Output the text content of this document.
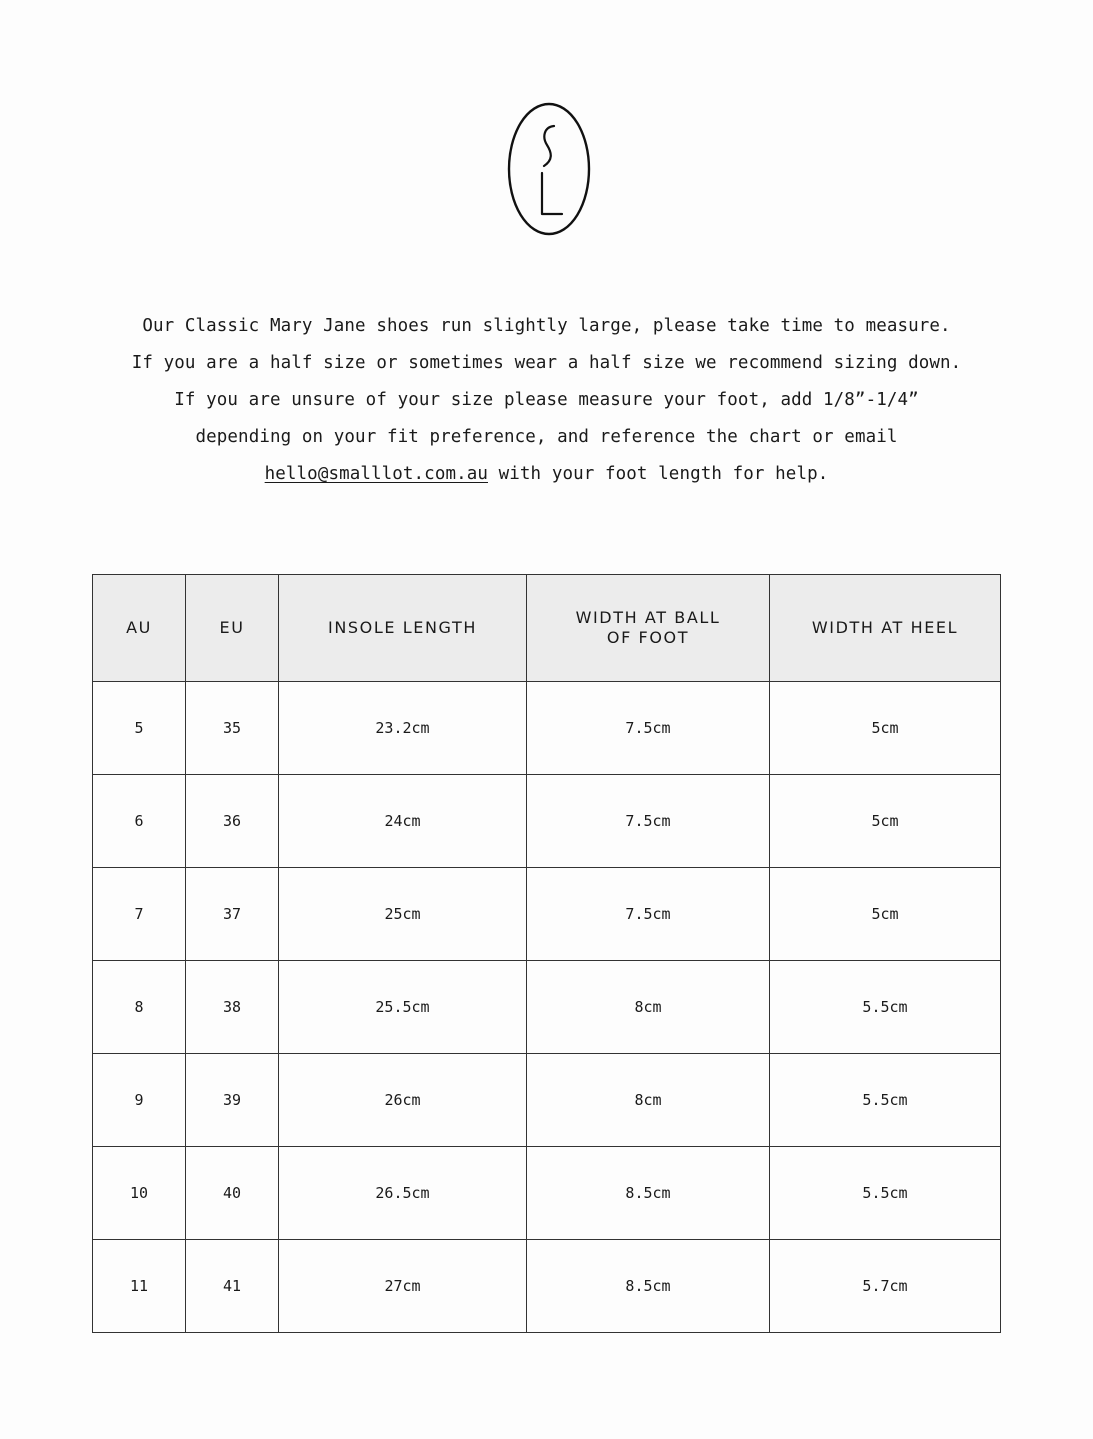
Our Classic Mary Jane shoes run slightly large, please take time to measure.

If you are a half size or sometimes wear a half size we recommend sizing down.

If you are unsure of your size please measure your foot, add 1/8”-1/4”

depending on your fit preference, and reference the chart or email

hello@smalllot.com.au with your foot length for help.

AU	EU	INSOLE LENGTH	WIDTH AT BALL OF FOOT	WIDTH AT HEEL
5	35	23.2cm	7.5cm	5cm
6	36	24cm	7.5cm	5cm
7	37	25cm	7.5cm	5cm
8	38	25.5cm	8cm	5.5cm
9	39	26cm	8cm	5.5cm
10	40	26.5cm	8.5cm	5.5cm
11	41	27cm	8.5cm	5.7cm
